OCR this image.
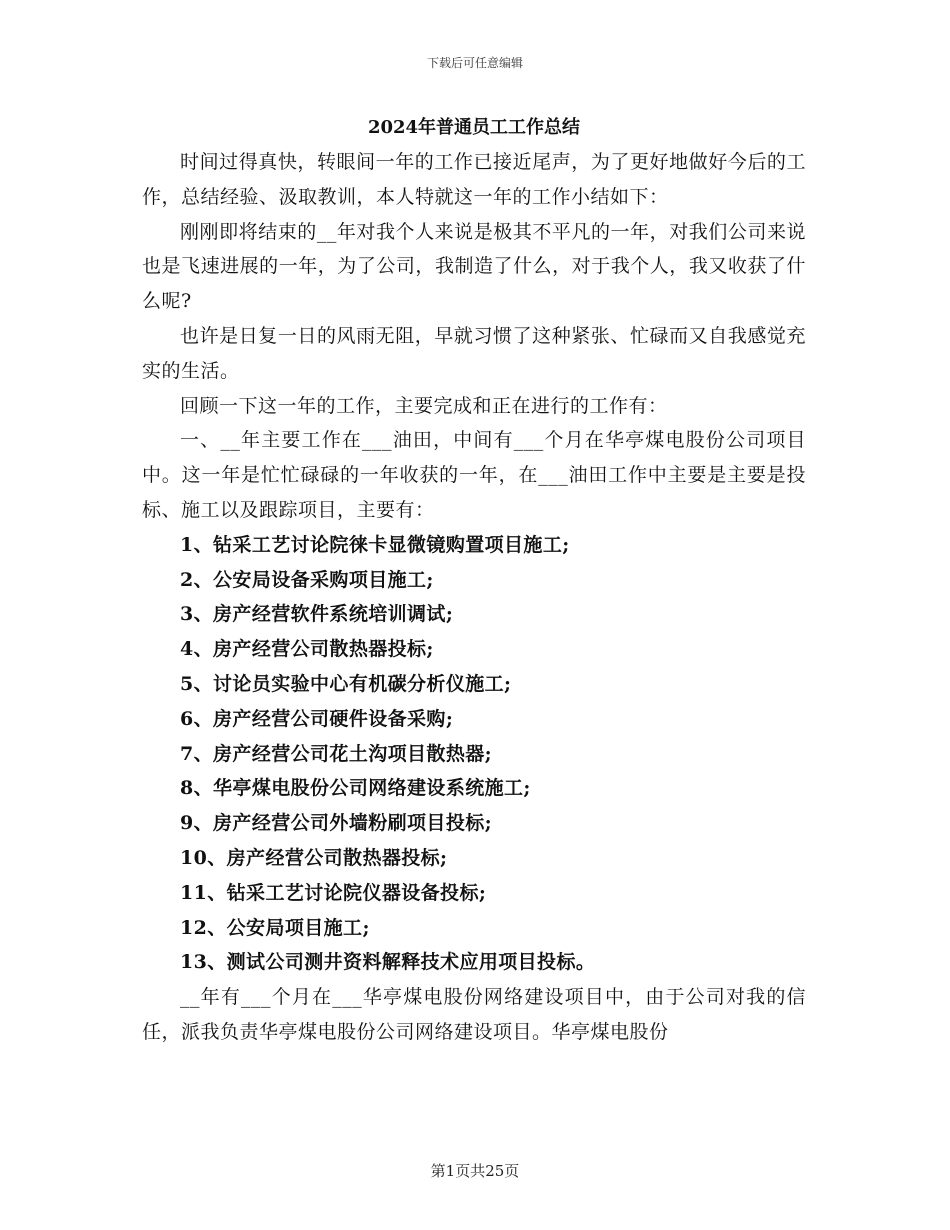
下载后可任意编辑
2024年普通员工工作总结

时间过得真快，转眼间一年的工作已接近尾声，为了更好地做好今后的工作，总结经验、汲取教训，本人特就这一年的工作小结如下：

刚刚即将结束的__年对我个人来说是极其不平凡的一年，对我们公司来说也是飞速进展的一年，为了公司，我制造了什么，对于我个人，我又收获了什么呢?

也许是日复一日的风雨无阻，早就习惯了这种紧张、忙碌而又自我感觉充实的生活。

回顾一下这一年的工作，主要完成和正在进行的工作有：

一、__年主要工作在___油田，中间有___个月在华亭煤电股份公司项目中。这一年是忙忙碌碌的一年收获的一年，在___油田工作中主要是主要是投标、施工以及跟踪项目，主要有：

1、钻采工艺讨论院徕卡显微镜购置项目施工;
2、公安局设备采购项目施工;
3、房产经营软件系统培训调试;
4、房产经营公司散热器投标;
5、讨论员实验中心有机碳分析仪施工;
6、房产经营公司硬件设备采购;
7、房产经营公司花土沟项目散热器;
8、华亭煤电股份公司网络建设系统施工;
9、房产经营公司外墙粉刷项目投标;
10、房产经营公司散热器投标;
11、钻采工艺讨论院仪器设备投标;
12、公安局项目施工;
13、测试公司测井资料解释技术应用项目投标。

__年有___个月在___华亭煤电股份网络建设项目中，由于公司对我的信任，派我负责华亭煤电股份公司网络建设项目。华亭煤电股份

第1页共25页
